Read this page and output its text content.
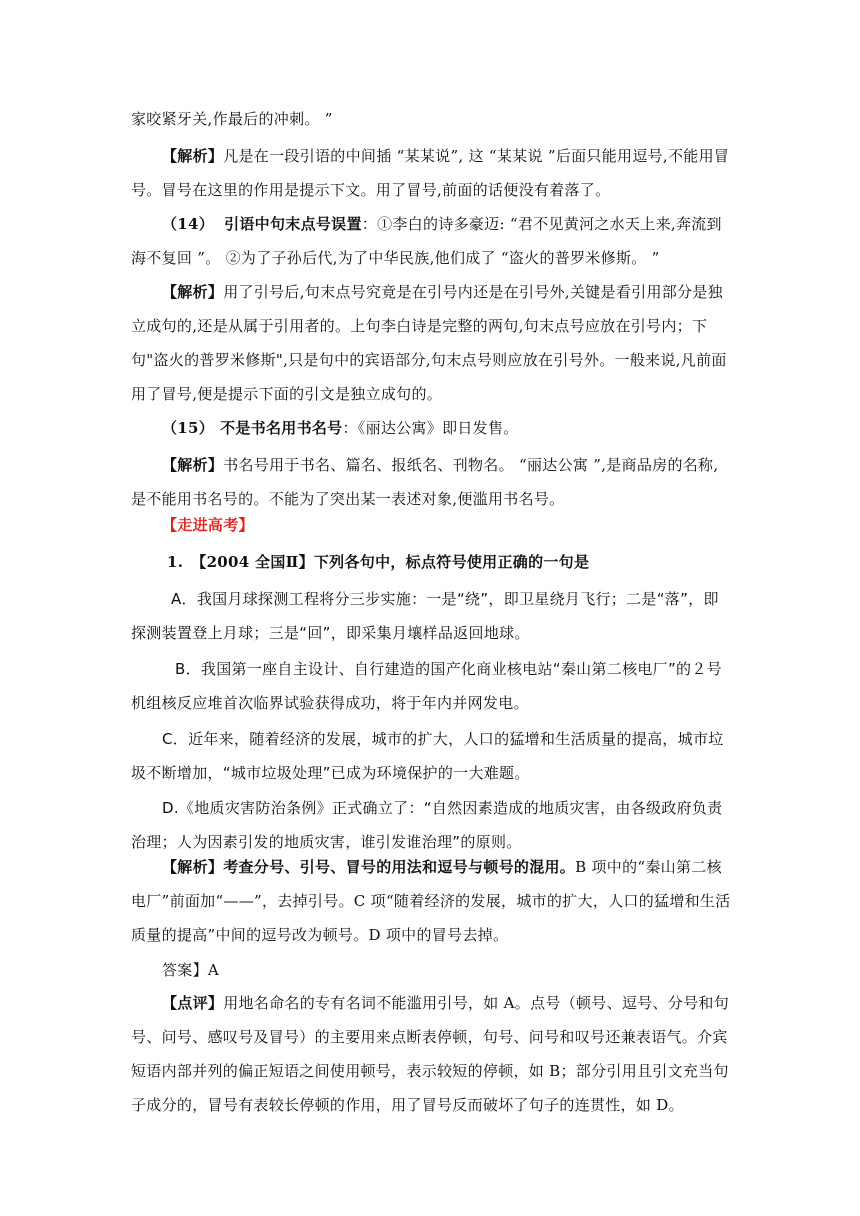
家咬紧牙关,作最后的冲刺。 ”
【解析】凡是在一段引语的中间插 “某某说”, 这 “某某说 ”后面只能用逗号,不能用冒号。冒号在这里的作用是提示下文。用了冒号,前面的话便没有着落了。
（14） 引语中句末点号误置：①李白的诗多豪迈: “君不见黄河之水天上来,奔流到海不复回 ”。 ②为了子孙后代,为了中华民族,他们成了 “盗火的普罗米修斯。 ”
【解析】用了引号后,句末点号究竟是在引号内还是在引号外,关键是看引用部分是独立成句的,还是从属于引用者的。上句李白诗是完整的两句,句末点号应放在引号内；下句"盗火的普罗米修斯",只是句中的宾语部分,句末点号则应放在引号外。一般来说,凡前面用了冒号,便是提示下面的引文是独立成句的。
（15） 不是书名用书名号：《丽达公寓》即日发售。
【解析】书名号用于书名、篇名、报纸名、刊物名。 “丽达公寓 ”,是商品房的名称,是不能用书名号的。不能为了突出某一表述对象,便滥用书名号。
【走进高考】
1. 【2004 全国Ⅱ】下列各句中，标点符号使用正确的一句是
A．我国月球探测工程将分三步实施：一是“绕”，即卫星绕月飞行；二是“落”，即探测装置登上月球；三是“回”，即采集月壤样品返回地球。
B．我国第一座自主设计、自行建造的国产化商业核电站“秦山第二核电厂”的２号机组核反应堆首次临界试验获得成功，将于年内并网发电。
C．近年来，随着经济的发展，城市的扩大，人口的猛增和生活质量的提高，城市垃圾不断增加，“城市垃圾处理”已成为环境保护的一大难题。
D.《地质灾害防治条例》正式确立了：“自然因素造成的地质灾害，由各级政府负责治理；人为因素引发的地质灾害，谁引发谁治理”的原则。
【解析】考查分号、引号、冒号的用法和逗号与顿号的混用。B 项中的“秦山第二核电厂”前面加“——”，去掉引号。C 项“随着经济的发展，城市的扩大，人口的猛增和生活质量的提高”中间的逗号改为顿号。D 项中的冒号去掉。
答案】A
【点评】用地名命名的专有名词不能滥用引号，如 A。点号（顿号、逗号、分号和句号、问号、感叹号及冒号）的主要用来点断表停顿，句号、问号和叹号还兼表语气。介宾短语内部并列的偏正短语之间使用顿号，表示较短的停顿，如 B；部分引用且引文充当句子成分的，冒号有表较长停顿的作用，用了冒号反而破坏了句子的连贯性，如 D。
